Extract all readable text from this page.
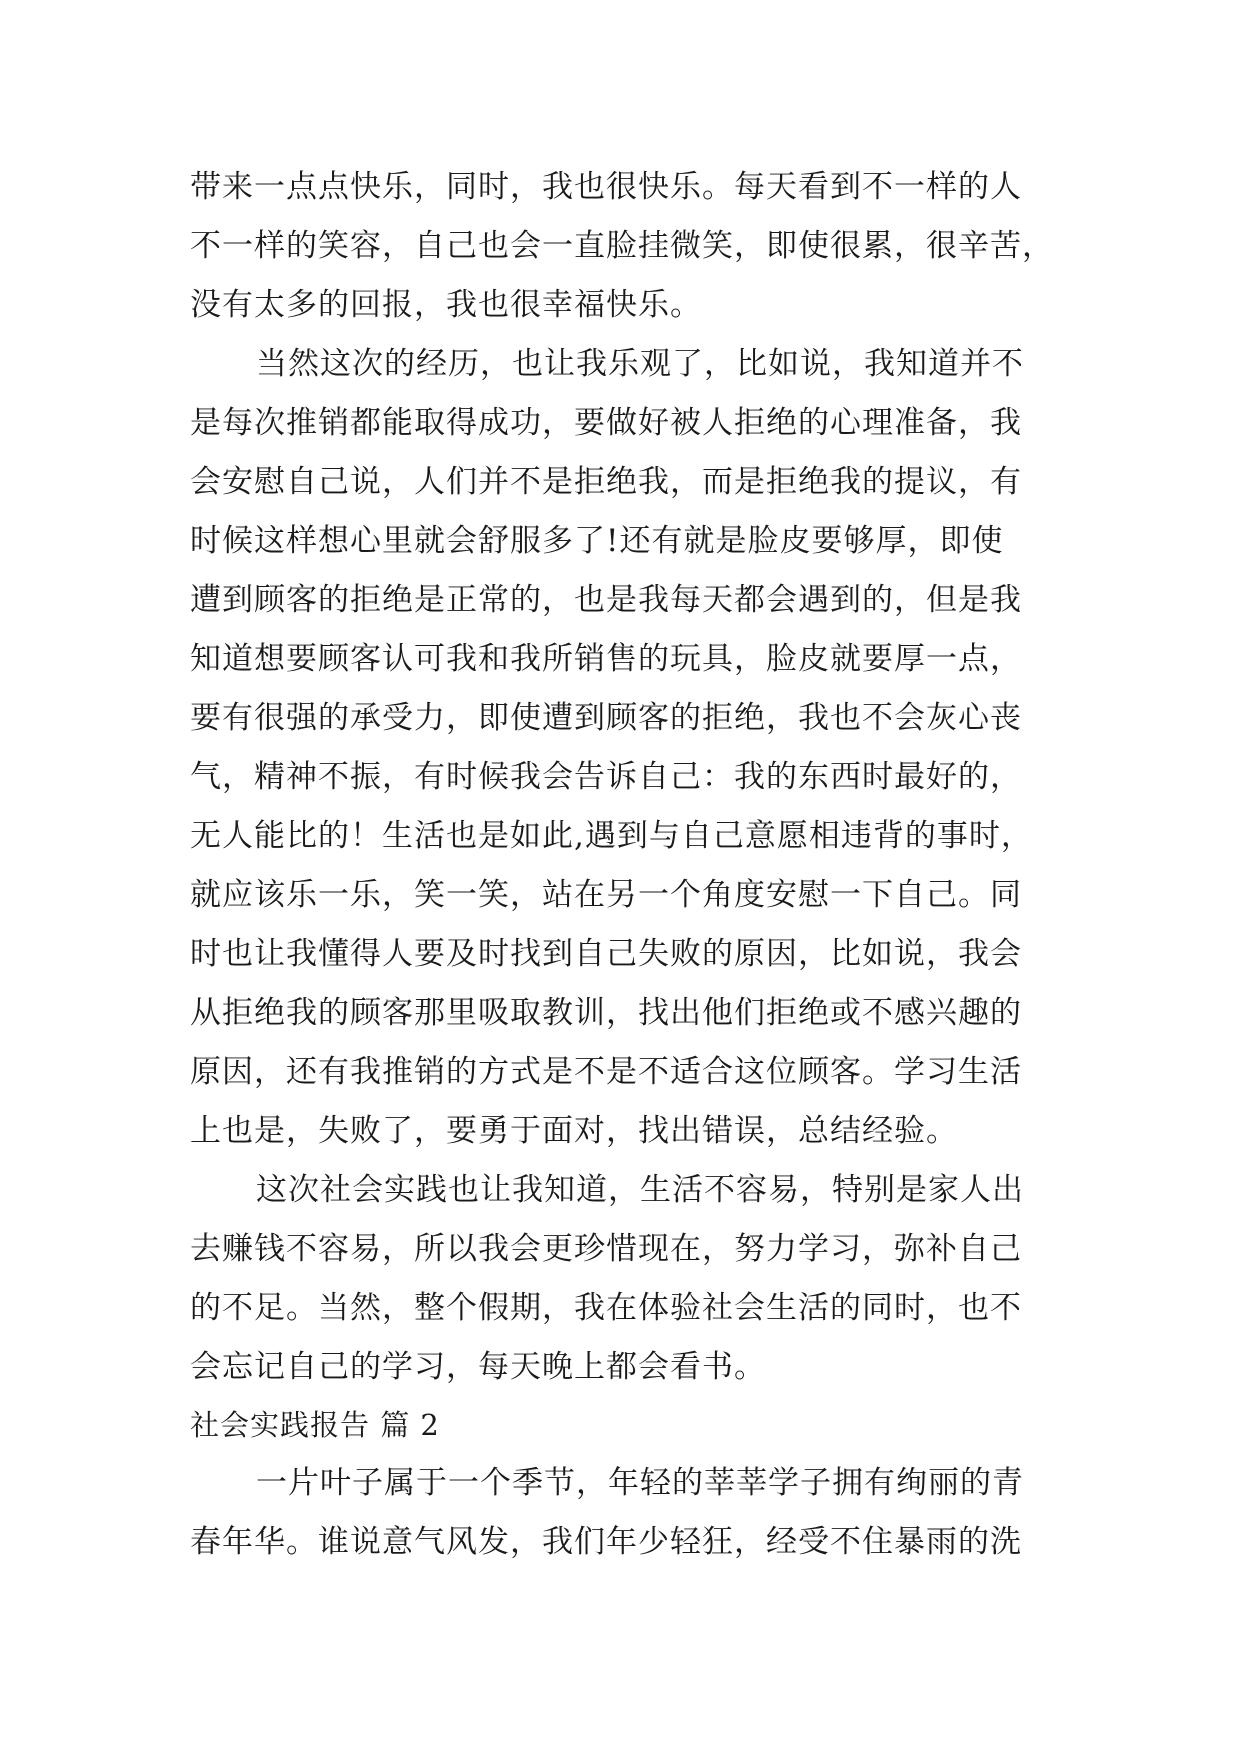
带来一点点快乐，同时，我也很快乐。每天看到不一样的人
不一样的笑容，自己也会一直脸挂微笑，即使很累，很辛苦，
没有太多的回报，我也很幸福快乐。
当然这次的经历，也让我乐观了，比如说，我知道并不
是每次推销都能取得成功，要做好被人拒绝的心理准备，我
会安慰自己说，人们并不是拒绝我，而是拒绝我的提议，有
时候这样想心里就会舒服多了!还有就是脸皮要够厚，即使
遭到顾客的拒绝是正常的，也是我每天都会遇到的，但是我
知道想要顾客认可我和我所销售的玩具，脸皮就要厚一点，
要有很强的承受力，即使遭到顾客的拒绝，我也不会灰心丧
气，精神不振，有时候我会告诉自己：我的东西时最好的，
无人能比的！生活也是如此,遇到与自己意愿相违背的事时，
就应该乐一乐，笑一笑，站在另一个角度安慰一下自己。同
时也让我懂得人要及时找到自己失败的原因，比如说，我会
从拒绝我的顾客那里吸取教训，找出他们拒绝或不感兴趣的
原因，还有我推销的方式是不是不适合这位顾客。学习生活
上也是，失败了，要勇于面对，找出错误，总结经验。
这次社会实践也让我知道，生活不容易，特别是家人出
去赚钱不容易，所以我会更珍惜现在，努力学习，弥补自己
的不足。当然，整个假期，我在体验社会生活的同时，也不
会忘记自己的学习，每天晚上都会看书。
社会实践报告 篇 2
一片叶子属于一个季节，年轻的莘莘学子拥有绚丽的青
春年华。谁说意气风发，我们年少轻狂，经受不住暴雨的洗
